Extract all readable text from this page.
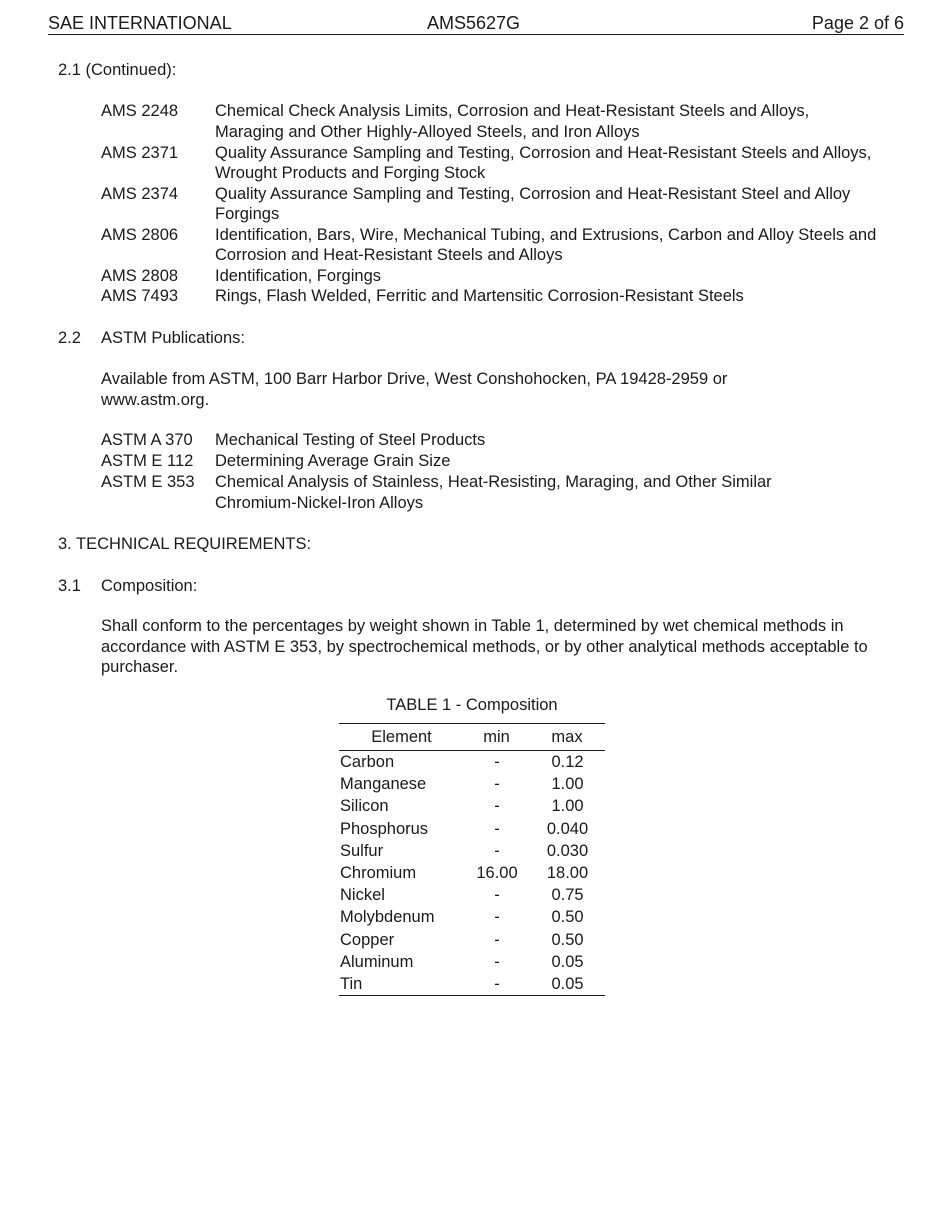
SAE INTERNATIONAL	AMS5627G	Page 2 of 6
2.1 (Continued):
AMS 2248 Chemical Check Analysis Limits, Corrosion and Heat-Resistant Steels and Alloys, Maraging and Other Highly-Alloyed Steels, and Iron Alloys
AMS 2371 Quality Assurance Sampling and Testing, Corrosion and Heat-Resistant Steels and Alloys, Wrought Products and Forging Stock
AMS 2374 Quality Assurance Sampling and Testing, Corrosion and Heat-Resistant Steel and Alloy Forgings
AMS 2806 Identification, Bars, Wire, Mechanical Tubing, and Extrusions, Carbon and Alloy Steels and Corrosion and Heat-Resistant Steels and Alloys
AMS 2808 Identification, Forgings
AMS 7493 Rings, Flash Welded, Ferritic and Martensitic Corrosion-Resistant Steels
2.2 ASTM Publications:
Available from ASTM, 100 Barr Harbor Drive, West Conshohocken, PA 19428-2959 or www.astm.org.
ASTM A 370 Mechanical Testing of Steel Products
ASTM E 112 Determining Average Grain Size
ASTM E 353 Chemical Analysis of Stainless, Heat-Resisting, Maraging, and Other Similar Chromium-Nickel-Iron Alloys
3. TECHNICAL REQUIREMENTS:
3.1 Composition:
Shall conform to the percentages by weight shown in Table 1, determined by wet chemical methods in accordance with ASTM E 353, by spectrochemical methods, or by other analytical methods acceptable to purchaser.
TABLE 1 - Composition
Element	min	max
Carbon	-	0.12
Manganese	-	1.00
Silicon	-	1.00
Phosphorus	-	0.040
Sulfur	-	0.030
Chromium	16.00	18.00
Nickel	-	0.75
Molybdenum	-	0.50
Copper	-	0.50
Aluminum	-	0.05
Tin	-	0.05
